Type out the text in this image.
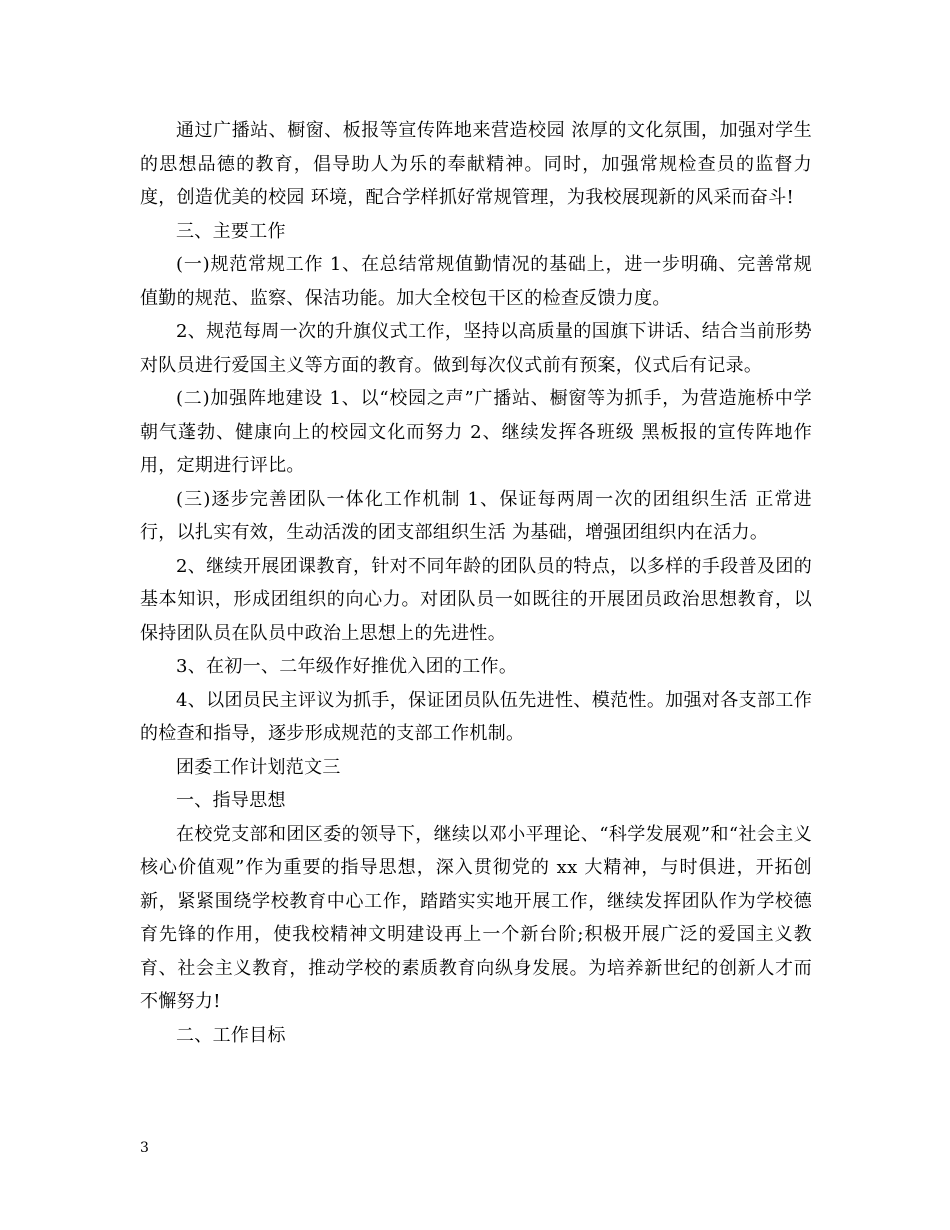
通过广播站、橱窗、板报等宣传阵地来营造校园 浓厚的文化氛围，加强对学生的思想品德的教育，倡导助人为乐的奉献精神。同时，加强常规检查员的监督力度，创造优美的校园 环境，配合学样抓好常规管理，为我校展现新的风采而奋斗!

三、主要工作

(一)规范常规工作 1、在总结常规值勤情况的基础上，进一步明确、完善常规值勤的规范、监察、保洁功能。加大全校包干区的检查反馈力度。

2、规范每周一次的升旗仪式工作，坚持以高质量的国旗下讲话、结合当前形势对队员进行爱国主义等方面的教育。做到每次仪式前有预案，仪式后有记录。

(二)加强阵地建设 1、以“校园之声”广播站、橱窗等为抓手，为营造施桥中学朝气蓬勃、健康向上的校园文化而努力 2、继续发挥各班级 黑板报的宣传阵地作用，定期进行评比。

(三)逐步完善团队一体化工作机制 1、保证每两周一次的团组织生活 正常进行，以扎实有效，生动活泼的团支部组织生活 为基础，增强团组织内在活力。

2、继续开展团课教育，针对不同年龄的团队员的特点，以多样的手段普及团的基本知识，形成团组织的向心力。对团队员一如既往的开展团员政治思想教育，以保持团队员在队员中政治上思想上的先进性。

3、在初一、二年级作好推优入团的工作。

4、以团员民主评议为抓手，保证团员队伍先进性、模范性。加强对各支部工作的检查和指导，逐步形成规范的支部工作机制。

团委工作计划范文三

一、指导思想

在校党支部和团区委的领导下，继续以邓小平理论、“科学发展观”和“社会主义核心价值观”作为重要的指导思想，深入贯彻党的 xx 大精神，与时俱进，开拓创新，紧紧围绕学校教育中心工作，踏踏实实地开展工作，继续发挥团队作为学校德育先锋的作用，使我校精神文明建设再上一个新台阶;积极开展广泛的爱国主义教育、社会主义教育，推动学校的素质教育向纵身发展。为培养新世纪的创新人才而不懈努力!

二、工作目标

3
